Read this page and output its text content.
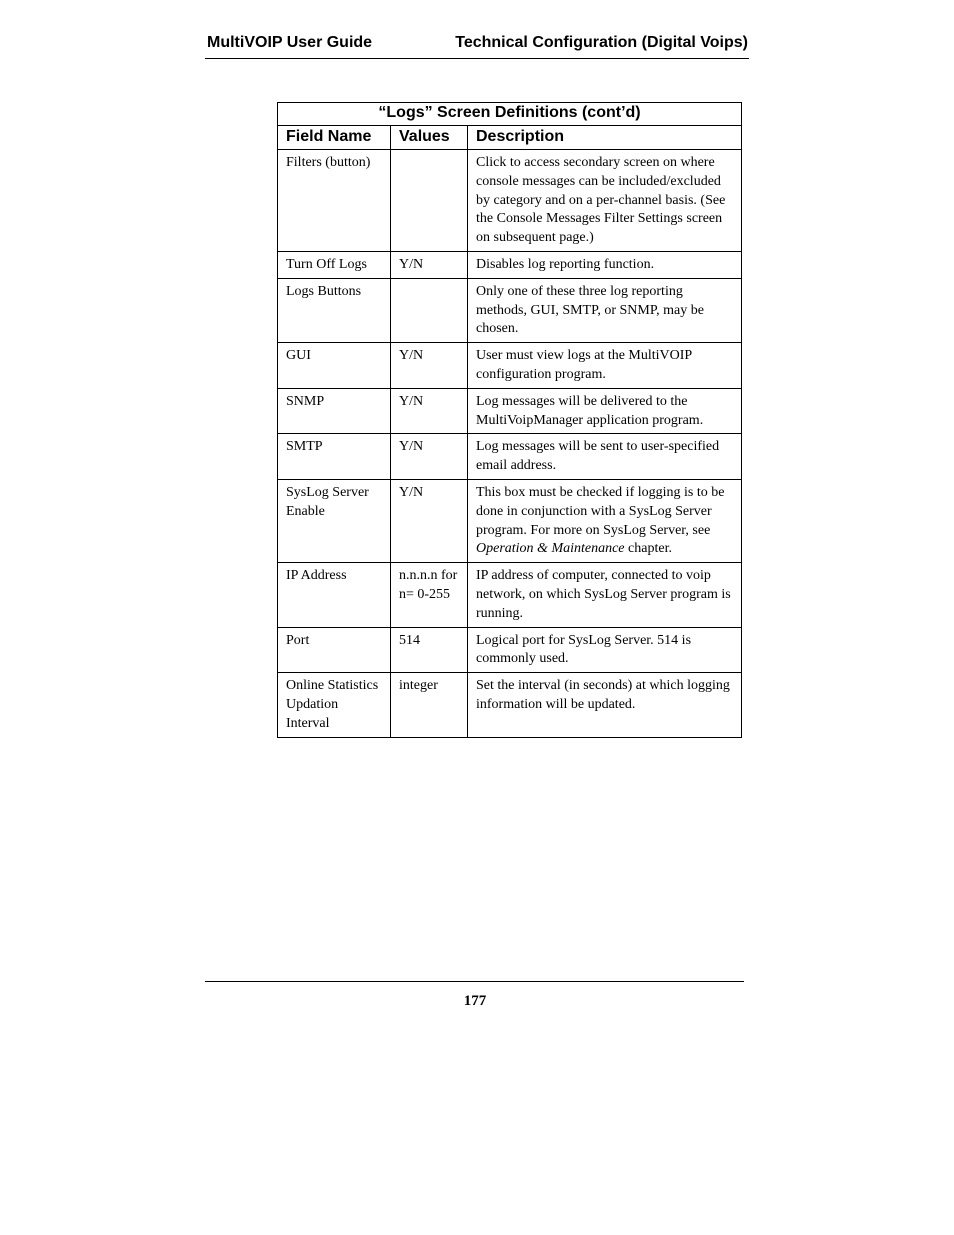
MultiVOIP User Guide	Technical Configuration (Digital Voips)
“Logs” Screen Definitions (cont’d)		
Field Name	Values	Description
Filters (button)		Click to access secondary screen on where console messages can be included/excluded by category and on a per-channel basis. (See the Console Messages Filter Settings screen on subsequent page.)
Turn Off Logs	Y/N	Disables log reporting function.
Logs Buttons		Only one of these three log reporting methods, GUI, SMTP, or SNMP, may be chosen.
GUI	Y/N	User must view logs at the MultiVOIP configuration program.
SNMP	Y/N	Log messages will be delivered to the MultiVoipManager application program.
SMTP	Y/N	Log messages will be sent to user-specified email address.
SysLog Server Enable	Y/N	This box must be checked if logging is to be done in conjunction with a SysLog Server program. For more on SysLog Server, see Operation & Maintenance chapter.
IP Address	n.n.n.n for n= 0-255	IP address of computer, connected to voip network, on which SysLog Server program is running.
Port	514	Logical port for SysLog Server. 514 is commonly used.
Online Statistics Updation Interval	integer	Set the interval (in seconds) at which logging information will be updated.
177
